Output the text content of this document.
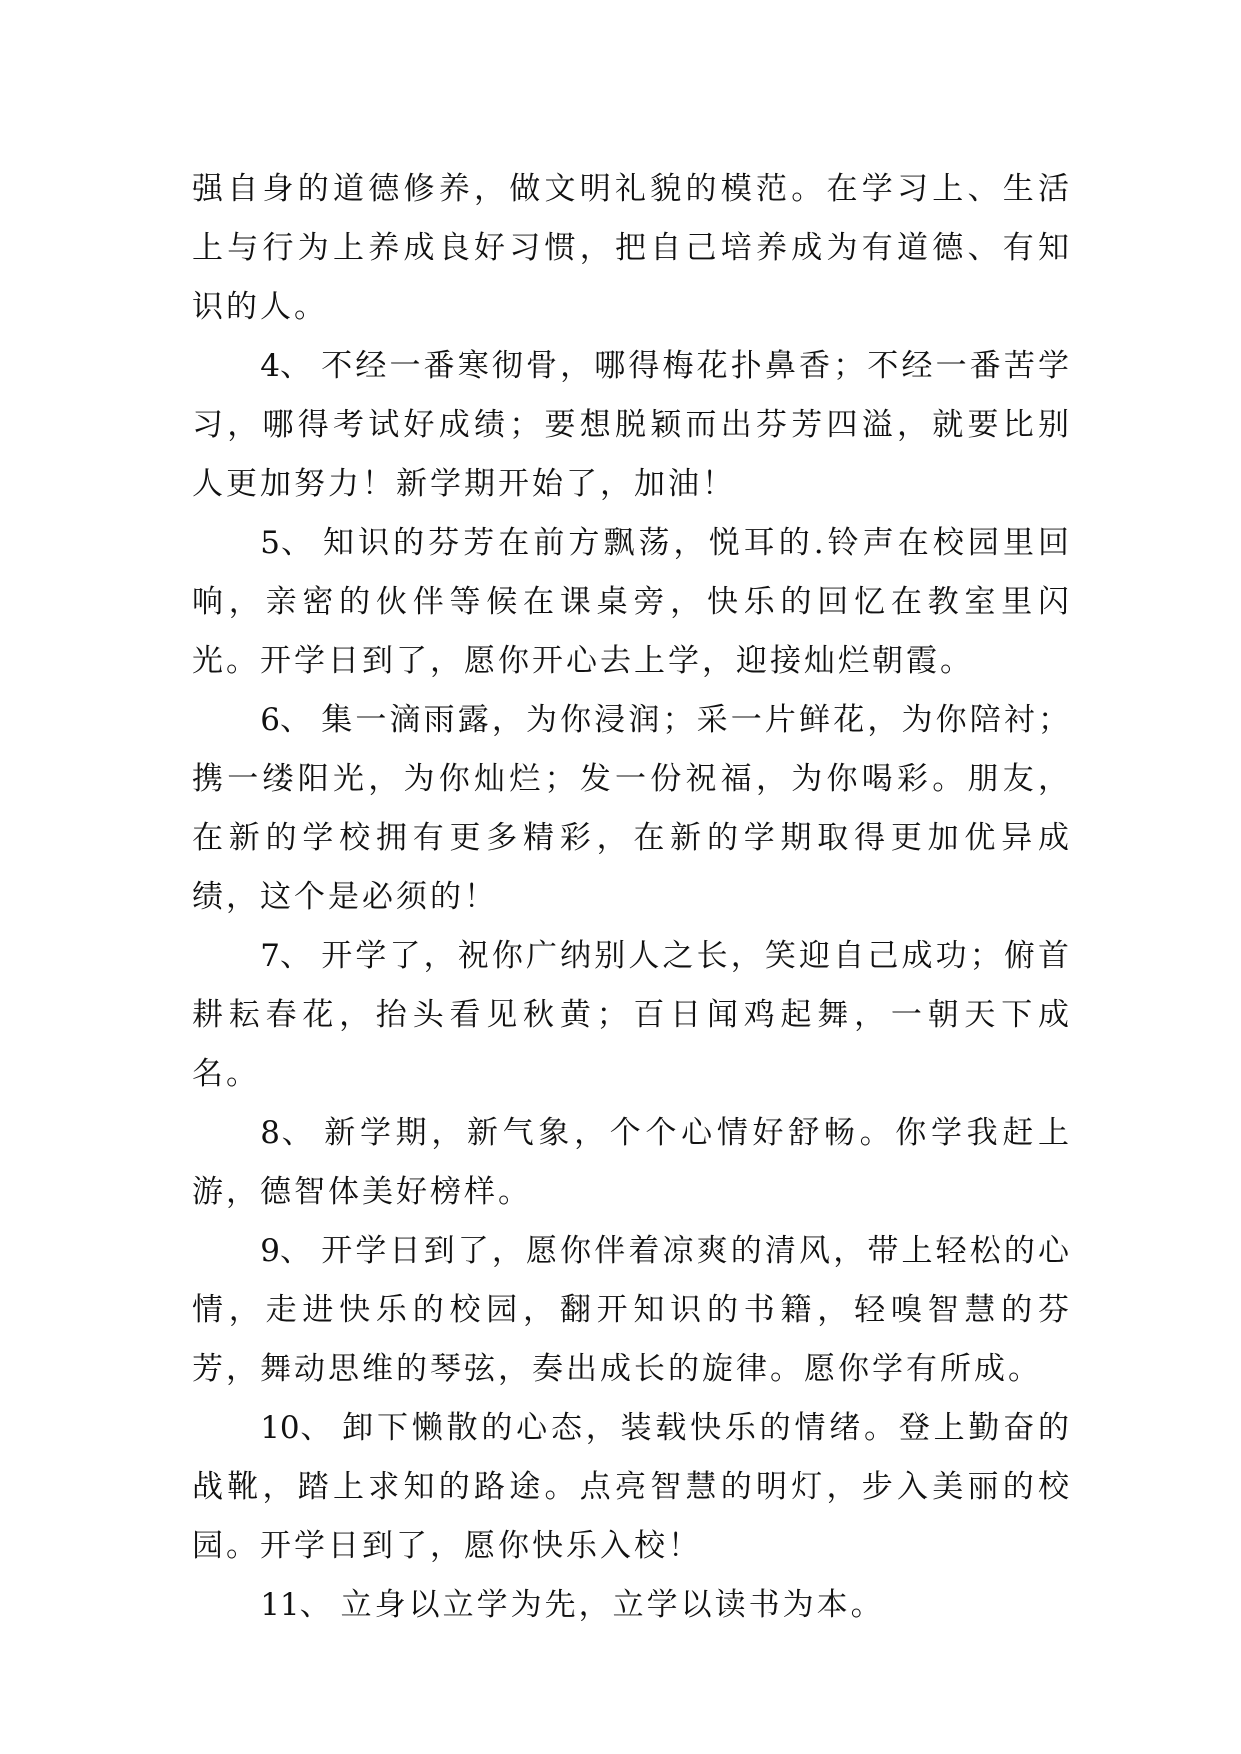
强自身的道德修养，做文明礼貌的模范。在学习上、生活上与行为上养成良好习惯，把自己培养成为有道德、有知识的人。

4、 不经一番寒彻骨，哪得梅花扑鼻香；不经一番苦学习，哪得考试好成绩；要想脱颖而出芬芳四溢，就要比别人更加努力！新学期开始了，加油！

5、 知识的芬芳在前方飘荡，悦耳的.铃声在校园里回响，亲密的伙伴等候在课桌旁，快乐的回忆在教室里闪光。开学日到了，愿你开心去上学，迎接灿烂朝霞。

6、 集一滴雨露，为你浸润；采一片鲜花，为你陪衬；携一缕阳光，为你灿烂；发一份祝福，为你喝彩。朋友，在新的学校拥有更多精彩，在新的学期取得更加优异成绩，这个是必须的！

7、 开学了，祝你广纳别人之长，笑迎自己成功；俯首耕耘春花，抬头看见秋黄；百日闻鸡起舞，一朝天下成名。

8、 新学期，新气象，个个心情好舒畅。你学我赶上游，德智体美好榜样。

9、 开学日到了，愿你伴着凉爽的清风，带上轻松的心情，走进快乐的校园，翻开知识的书籍，轻嗅智慧的芬芳，舞动思维的琴弦，奏出成长的旋律。愿你学有所成。

10、 卸下懒散的心态，装载快乐的情绪。登上勤奋的战靴，踏上求知的路途。点亮智慧的明灯，步入美丽的校园。开学日到了，愿你快乐入校！

11、 立身以立学为先，立学以读书为本。
